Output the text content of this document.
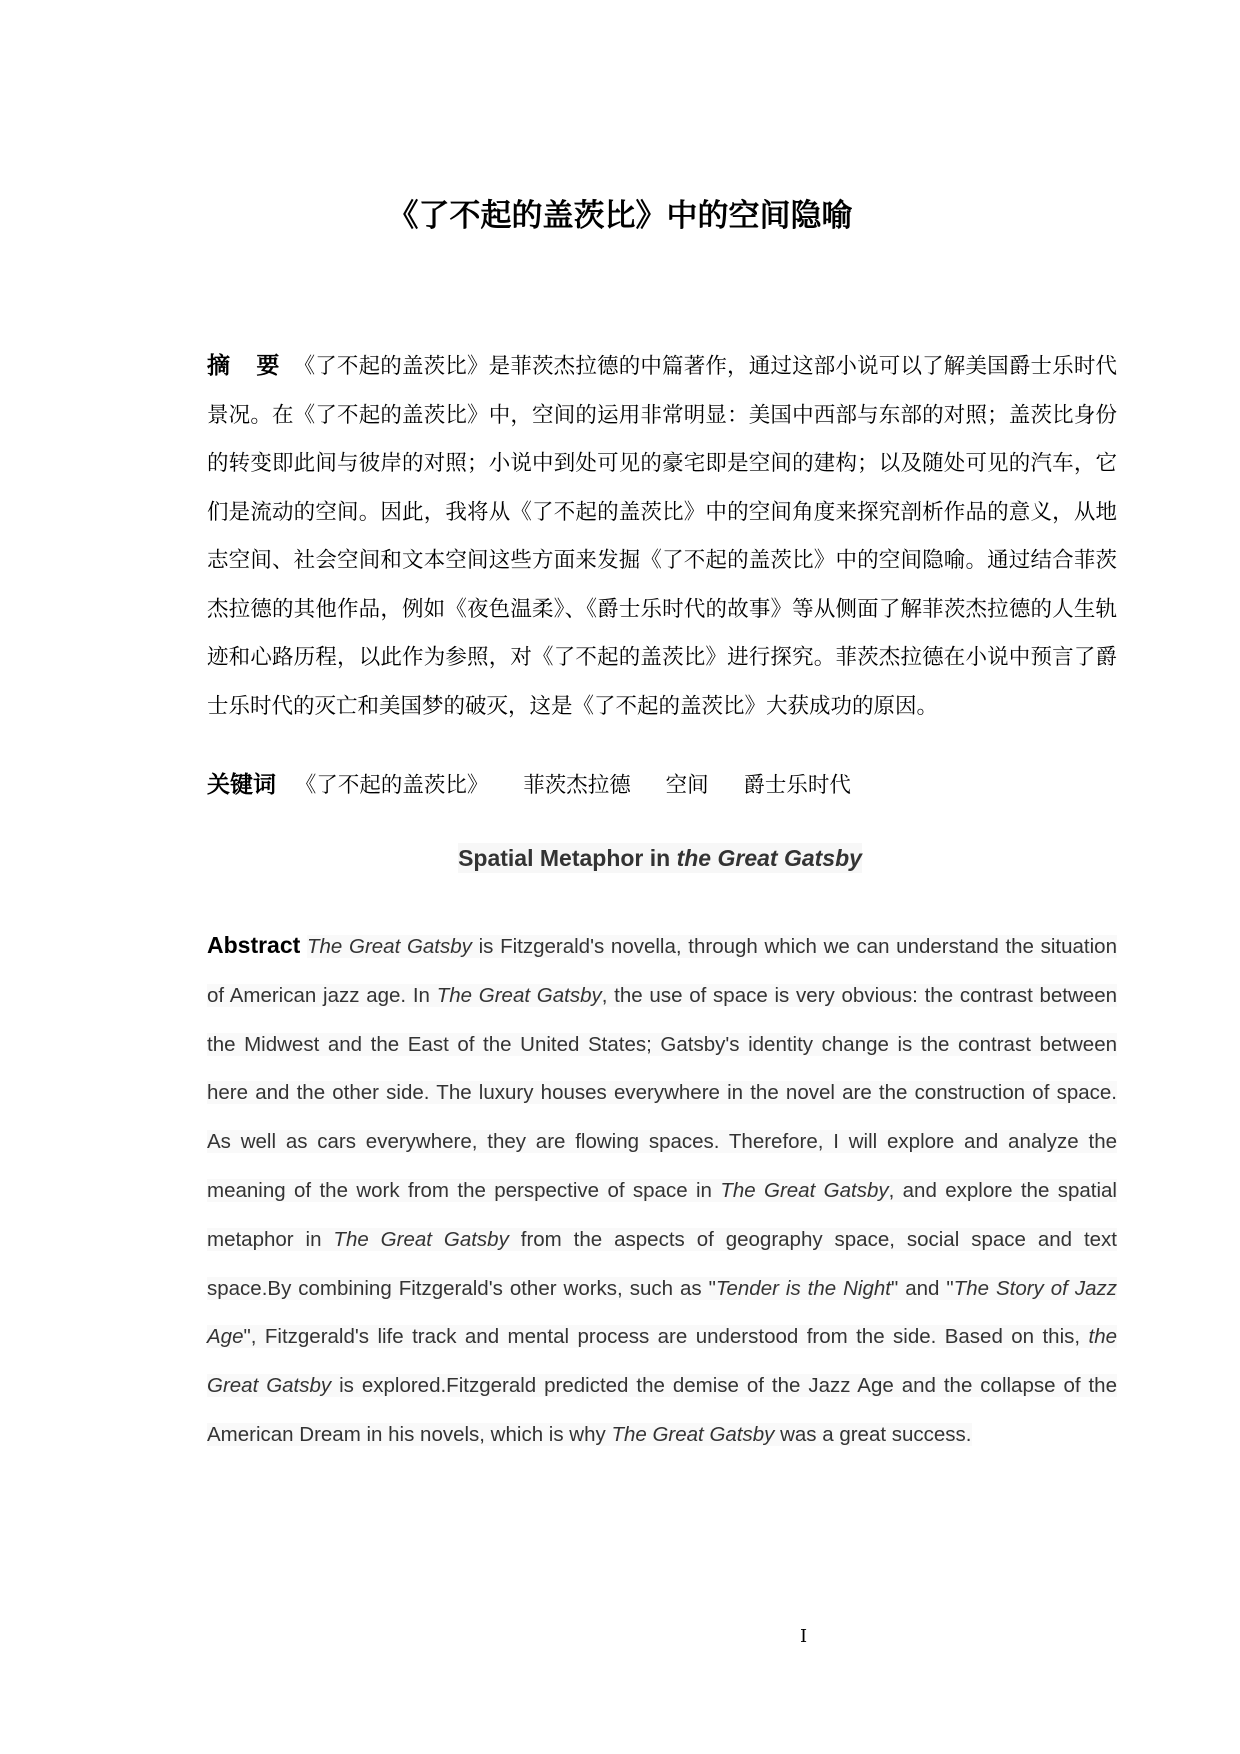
《了不起的盖茨比》中的空间隐喻
摘 要 《了不起的盖茨比》是菲茨杰拉德的中篇著作，通过这部小说可以了解美国爵士乐时代景况。在《了不起的盖茨比》中，空间的运用非常明显：美国中西部与东部的对照；盖茨比身份的转变即此间与彼岸的对照；小说中到处可见的豪宅即是空间的建构；以及随处可见的汽车，它们是流动的空间。因此，我将从《了不起的盖茨比》中的空间角度来探究剖析作品的意义，从地志空间、社会空间和文本空间这些方面来发掘《了不起的盖茨比》中的空间隐喻。通过结合菲茨杰拉德的其他作品，例如《夜色温柔》、《爵士乐时代的故事》等从侧面了解菲茨杰拉德的人生轨迹和心路历程，以此作为参照，对《了不起的盖茨比》进行探究。菲茨杰拉德在小说中预言了爵士乐时代的灭亡和美国梦的破灭，这是《了不起的盖茨比》大获成功的原因。
关键词 《了不起的盖茨比》 菲茨杰拉德 空间 爵士乐时代
Spatial Metaphor in the Great Gatsby
Abstract The Great Gatsby is Fitzgerald's novella, through which we can understand the situation of American jazz age. In The Great Gatsby, the use of space is very obvious: the contrast between the Midwest and the East of the United States; Gatsby's identity change is the contrast between here and the other side. The luxury houses everywhere in the novel are the construction of space. As well as cars everywhere, they are flowing spaces. Therefore, I will explore and analyze the meaning of the work from the perspective of space in The Great Gatsby, and explore the spatial metaphor in The Great Gatsby from the aspects of geography space, social space and text space.By combining Fitzgerald's other works, such as "Tender is the Night" and "The Story of Jazz Age", Fitzgerald's life track and mental process are understood from the side. Based on this, the Great Gatsby is explored.Fitzgerald predicted the demise of the Jazz Age and the collapse of the American Dream in his novels, which is why The Great Gatsby was a great success.
I
